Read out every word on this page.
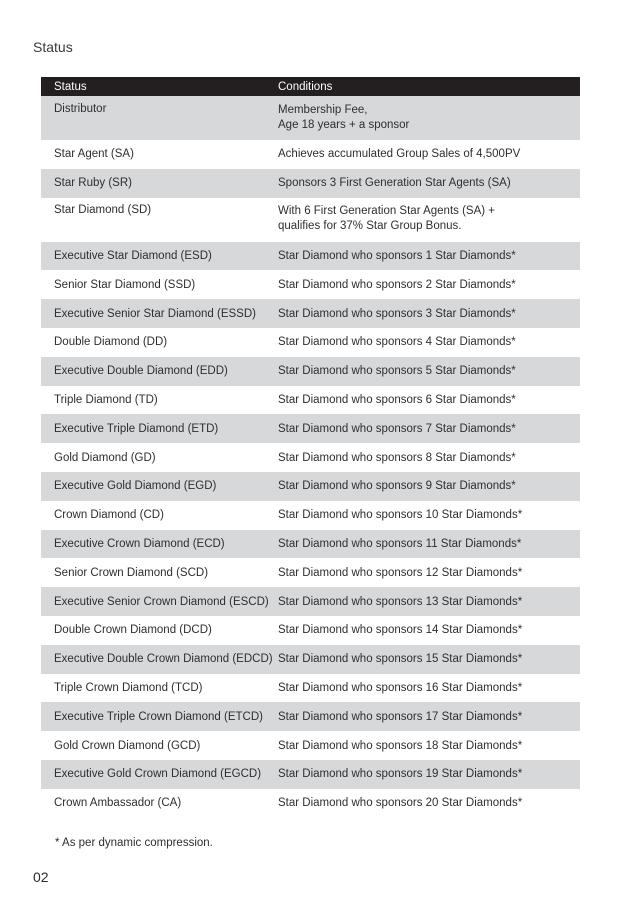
Status
Status	Conditions
Distributor	Membership Fee,
Age 18 years + a sponsor
Star Agent (SA)	Achieves accumulated Group Sales of 4,500PV
Star Ruby (SR)	Sponsors 3 First Generation Star Agents (SA)
Star Diamond (SD)	With 6 First Generation Star Agents (SA) +
qualifies for 37% Star Group Bonus.
Executive Star Diamond (ESD)	Star Diamond who sponsors 1 Star Diamonds*
Senior Star Diamond (SSD)	Star Diamond who sponsors 2 Star Diamonds*
Executive Senior Star Diamond (ESSD)	Star Diamond who sponsors 3 Star Diamonds*
Double Diamond (DD)	Star Diamond who sponsors 4 Star Diamonds*
Executive Double Diamond (EDD)	Star Diamond who sponsors 5 Star Diamonds*
Triple Diamond (TD)	Star Diamond who sponsors 6 Star Diamonds*
Executive Triple Diamond (ETD)	Star Diamond who sponsors 7 Star Diamonds*
Gold Diamond (GD)	Star Diamond who sponsors 8 Star Diamonds*
Executive Gold Diamond (EGD)	Star Diamond who sponsors 9 Star Diamonds*
Crown Diamond (CD)	Star Diamond who sponsors 10 Star Diamonds*
Executive Crown Diamond (ECD)	Star Diamond who sponsors 11 Star Diamonds*
Senior Crown Diamond (SCD)	Star Diamond who sponsors 12 Star Diamonds*
Executive Senior Crown Diamond (ESCD) Star Diamond who sponsors 13 Star Diamonds*
Double Crown Diamond (DCD)	Star Diamond who sponsors 14 Star Diamonds*
Executive Double Crown Diamond (EDCD) Star Diamond who sponsors 15 Star Diamonds*
Triple Crown Diamond (TCD)	Star Diamond who sponsors 16 Star Diamonds*
Executive Triple Crown Diamond (ETCD)	Star Diamond who sponsors 17 Star Diamonds*
Gold Crown Diamond (GCD)	Star Diamond who sponsors 18 Star Diamonds*
Executive Gold Crown Diamond (EGCD)	Star Diamond who sponsors 19 Star Diamonds*
Crown Ambassador (CA)	Star Diamond who sponsors 20 Star Diamonds*
* As per dynamic compression.
02
